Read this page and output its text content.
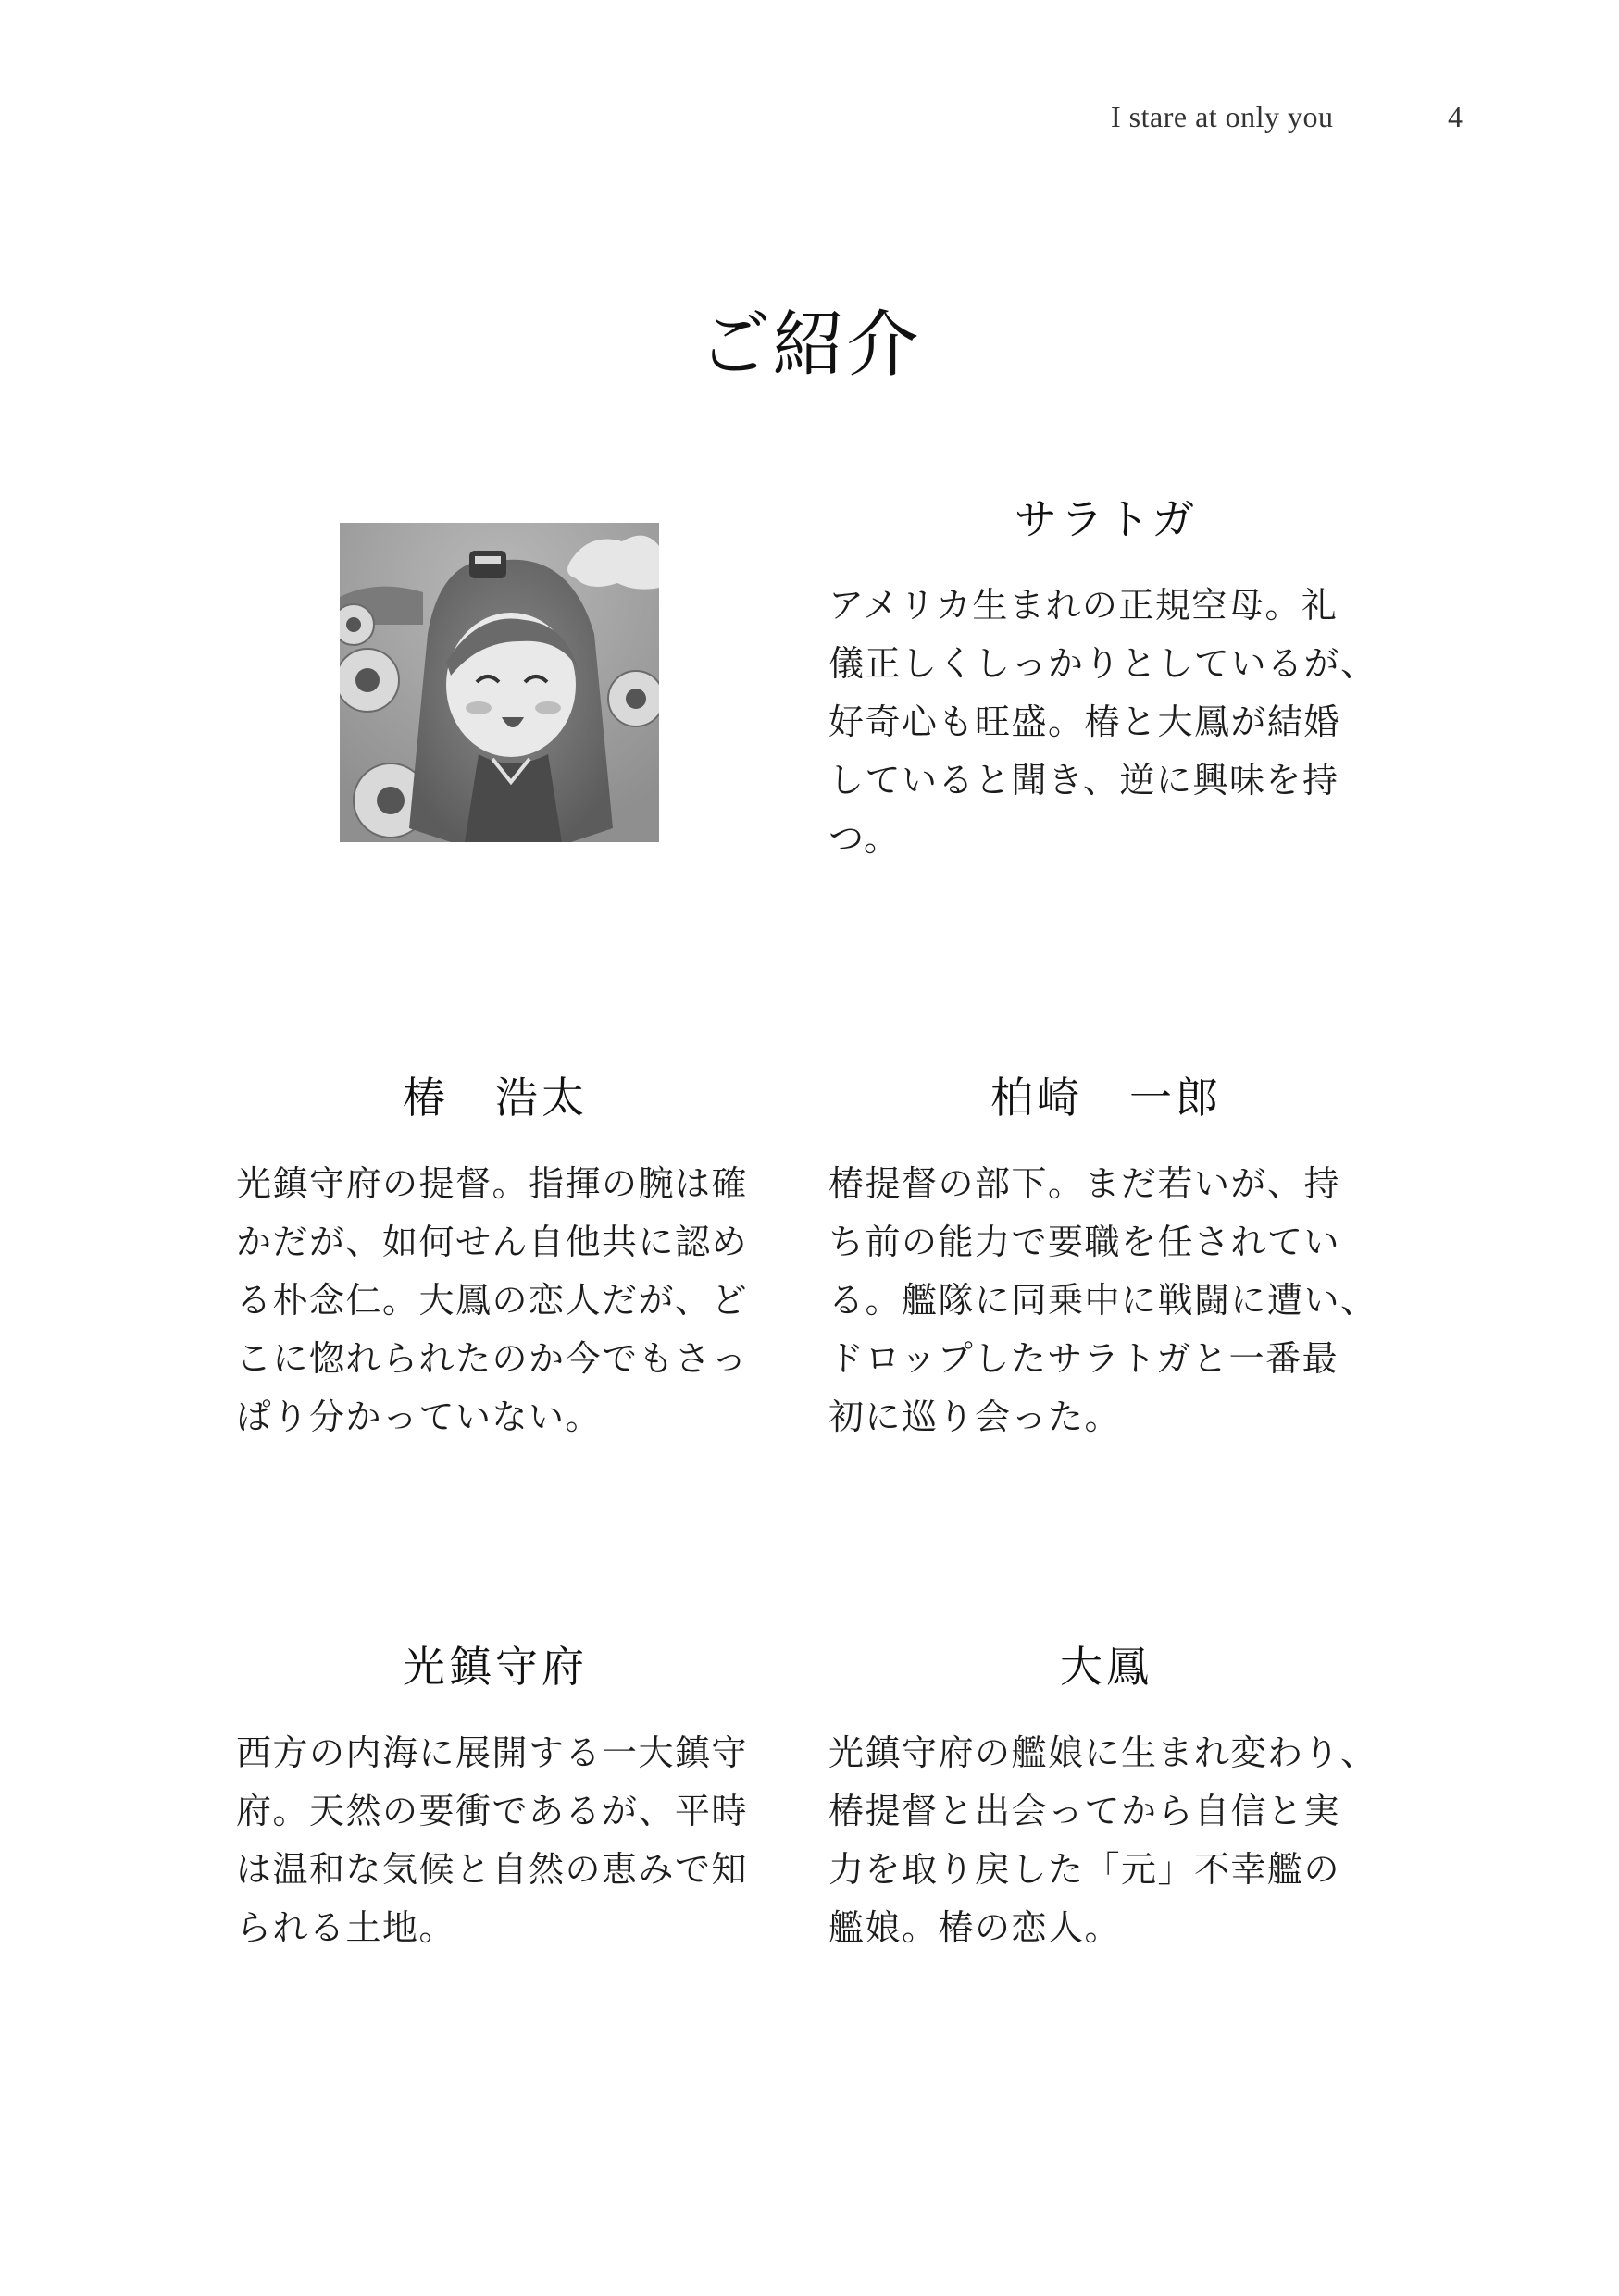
I stare at only you	4
ご紹介
サラトガ
アメリカ生まれの正規空母。礼
儀正しくしっかりとしているが、
好奇心も旺盛。椿と大鳳が結婚
していると聞き、逆に興味を持
つ。
椿　浩太
光鎮守府の提督。指揮の腕は確
かだが、如何せん自他共に認め
る朴念仁。大鳳の恋人だが、ど
こに惚れられたのか今でもさっ
ぱり分かっていない。
柏崎　一郎
椿提督の部下。まだ若いが、持
ち前の能力で要職を任されてい
る。艦隊に同乗中に戦闘に遭い、
ドロップしたサラトガと一番最
初に巡り会った。
光鎮守府
西方の内海に展開する一大鎮守
府。天然の要衝であるが、平時
は温和な気候と自然の恵みで知
られる土地。
大鳳
光鎮守府の艦娘に生まれ変わり、
椿提督と出会ってから自信と実
力を取り戻した「元」不幸艦の
艦娘。椿の恋人。
